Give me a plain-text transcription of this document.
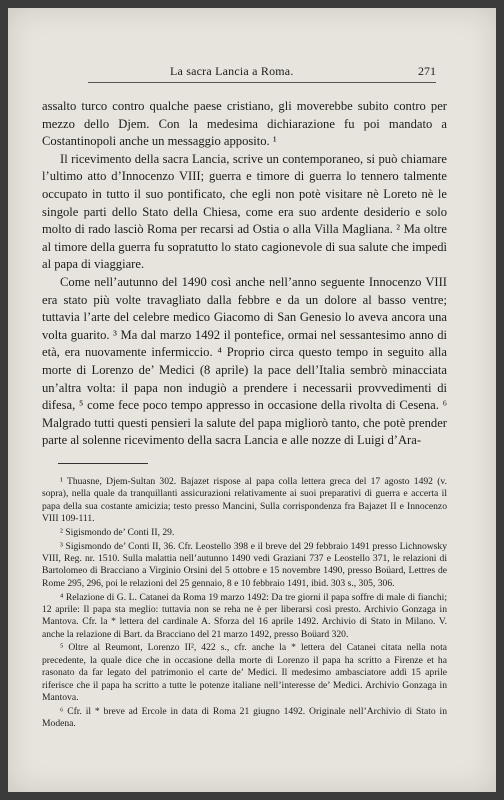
La sacra Lancia a Roma.	271

assalto turco contro qualche paese cristiano, gli moverebbe subito contro per mezzo dello Djem. Con la medesima dichiarazione fu poi mandato a Costantinopoli anche un messaggio apposito. ¹

Il ricevimento della sacra Lancia, scrive un contemporaneo, si può chiamare l’ultimo atto d’Innocenzo VIII; guerra e timore di guerra lo tennero talmente occupato in tutto il suo pontificato, che egli non potè visitare nè Loreto nè le singole parti dello Stato della Chiesa, come era suo ardente desiderio e solo molto di rado lasciò Roma per recarsi ad Ostia o alla Villa Magliana. ² Ma oltre al timore della guerra fu sopratutto lo stato cagionevole di sua salute che impedì al papa di viaggiare.

Come nell’autunno del 1490 così anche nell’anno seguente Innocenzo VIII era stato più volte travagliato dalla febbre e da un dolore al basso ventre; tuttavia l’arte del celebre medico Giacomo di San Genesio lo aveva ancora una volta guarito. ³ Ma dal marzo 1492 il pontefice, ormai nel sessantesimo anno di età, era nuovamente infermiccio. ⁴ Proprio circa questo tempo in seguito alla morte di Lorenzo de’ Medici (8 aprile) la pace dell’Italia sembrò minacciata un’altra volta: il papa non indugiò a prendere i necessarii provvedimenti di difesa, ⁵ come fece poco tempo appresso in occasione della rivolta di Cesena. ⁶ Malgrado tutti questi pensieri la salute del papa migliorò tanto, che potè prender parte al solenne ricevimento della sacra Lancia e alle nozze di Luigi d’Ara-

¹ Thuasne, Djem-Sultan 302. Bajazet rispose al papa colla lettera greca del 17 agosto 1492 (v. sopra), nella quale da tranquillanti assicurazioni relativamente ai suoi preparativi di guerra e accerta il papa della sua costante amicizia; testo presso Mancini, Sulla corrispondenza fra Bajazet II e Innocenzo VIII 109-111.

² Sigismondo de’ Conti II, 29.

³ Sigismondo de’ Conti II, 36. Cfr. Leostello 398 e il breve del 29 febbraio 1491 presso Lichnowsky VIII, Reg. nr. 1510. Sulla malattia nell’autunno 1490 vedi Graziani 737 e Leostello 371, le relazioni di Bartolomeo di Bracciano a Virginio Orsini del 5 ottobre e 15 novembre 1490, presso Boüard, Lettres de Rome 295, 296, poi le relazioni del 25 gennaio, 8 e 10 febbraio 1491, ibid. 303 s., 305, 306.

⁴ Relazione di G. L. Catanei da Roma 19 marzo 1492: Da tre giorni il papa soffre di male di fianchi; 12 aprile: Il papa sta meglio: tuttavia non se reha ne è per liberarsi così presto. Archivio Gonzaga in Mantova. Cfr. la * lettera del cardinale A. Sforza del 16 aprile 1492. Archivio di Stato in Milano. V. anche la relazione di Bart. da Bracciano del 21 marzo 1492, presso Boüard 320.

⁵ Oltre al Reumont, Lorenzo II², 422 s., cfr. anche la * lettera del Catanei citata nella nota precedente, la quale dice che in occasione della morte di Lorenzo il papa ha scritto a Firenze et ha rasonato da far legato del patrimonio el carte de’ Medici. Il medesimo ambasciatore addì 15 aprile riferisce che il papa ha scritto a tutte le potenze italiane nell’interesse de’ Medici. Archivio Gonzaga in Mantova.

⁶ Cfr. il * breve ad Ercole in data di Roma 21 giugno 1492. Originale nell’Archivio di Stato in Modena.
